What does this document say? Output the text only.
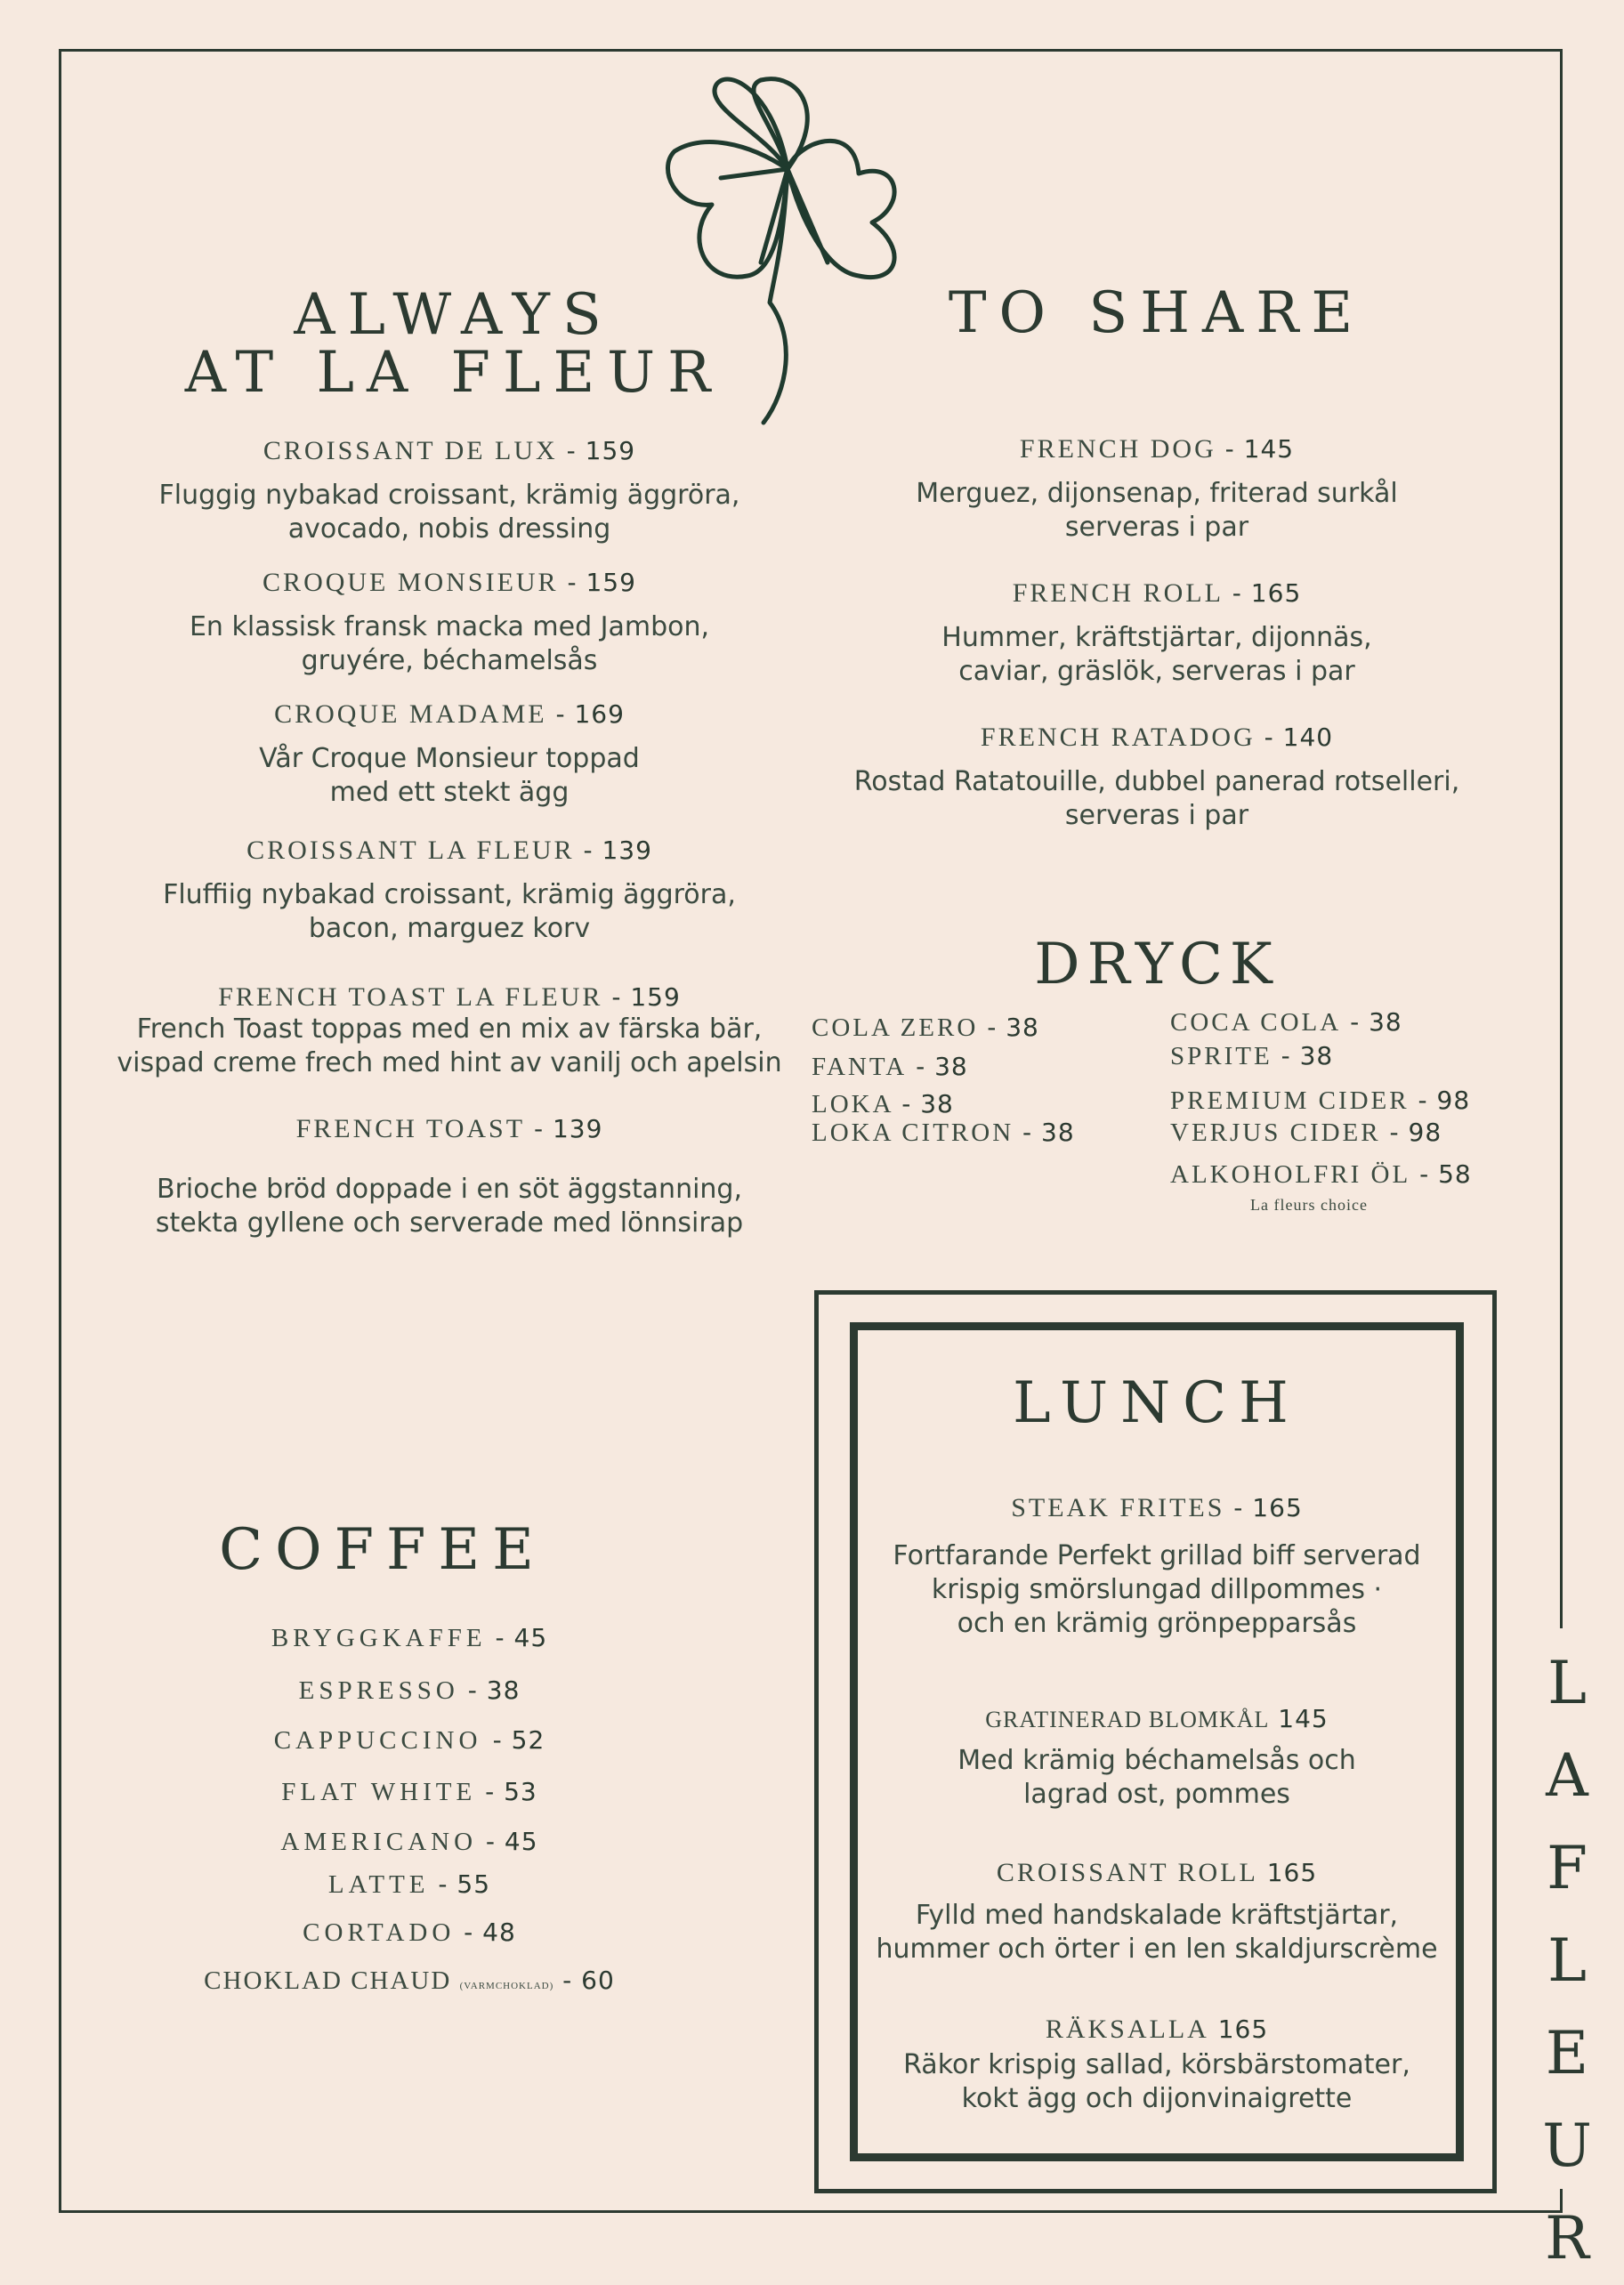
ALWAYS
AT LA FLEUR
CROISSANT DE LUX - 159
Fluggig nybakad croissant, krämig äggröra,
avocado, nobis dressing
CROQUE MONSIEUR - 159
En klassisk fransk macka med Jambon,
gruyére, béchamelsås
CROQUE MADAME - 169
Vår Croque Monsieur toppad
med ett stekt ägg
CROISSANT LA FLEUR - 139
Fluffiig nybakad croissant, krämig äggröra,
bacon, marguez korv
FRENCH TOAST LA FLEUR - 159
French Toast toppas med en mix av färska bär,
vispad creme frech med hint av vanilj och apelsin
FRENCH TOAST - 139
Brioche bröd doppade i en söt äggstanning,
stekta gyllene och serverade med lönnsirap
TO SHARE
FRENCH DOG - 145
Merguez, dijonsenap, friterad surkål
serveras i par
FRENCH ROLL - 165
Hummer, kräftstjärtar, dijonnäs,
caviar, gräslök, serveras i par
FRENCH RATADOG - 140
Rostad Ratatouille, dubbel panerad rotselleri,
serveras i par
DRYCK
COLA ZERO - 38
FANTA - 38
LOKA - 38
LOKA CITRON - 38
COCA COLA - 38
SPRITE - 38
PREMIUM CIDER - 98
VERJUS CIDER - 98
ALKOHOLFRI ÖL - 58
La fleurs choice
COFFEE
BRYGGKAFFE - 45
ESPRESSO - 38
CAPPUCCINO - 52
FLAT WHITE - 53
AMERICANO - 45
LATTE - 55
CORTADO - 48
CHOKLAD CHAUD (VARMCHOKLAD) - 60
LUNCH
STEAK FRITES - 165
Fortfarande Perfekt grillad biff serverad
krispig smörslungad dillpommes ·
och en krämig grönpepparsås
GRATINERAD BLOMKÅL 145
Med krämig béchamelsås och
lagrad ost, pommes
CROISSANT ROLL 165
Fylld med handskalade kräftstjärtar,
hummer och örter i en len skaldjurscrème
RÄKSALLA 165
Räkor krispig sallad, körsbärstomater,
kokt ägg och dijonvinaigrette
L
A
F
L
E
U
R
